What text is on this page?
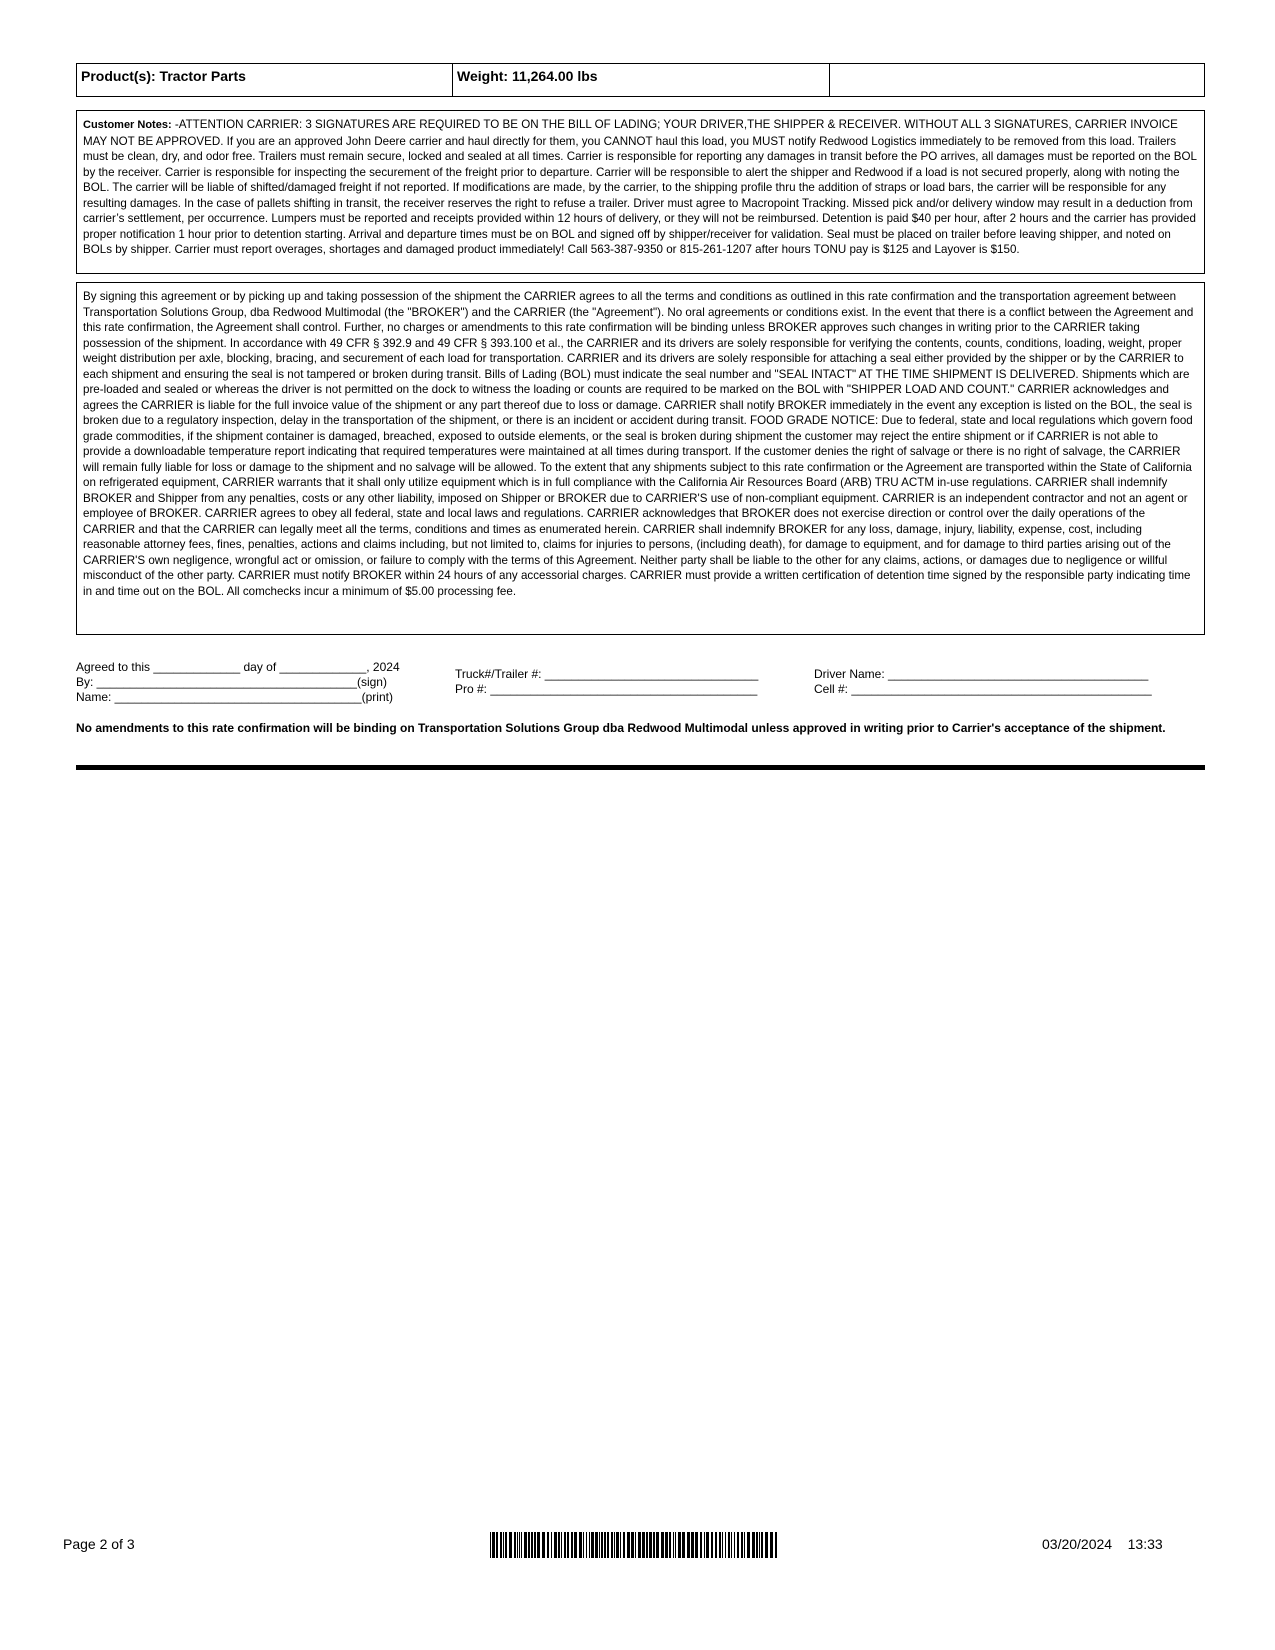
Product(s): Tractor Parts	Weight: 11,264.00 lbs
Customer Notes: -ATTENTION CARRIER: 3 SIGNATURES ARE REQUIRED TO BE ON THE BILL OF LADING; YOUR DRIVER,THE SHIPPER & RECEIVER. WITHOUT ALL 3 SIGNATURES, CARRIER INVOICE MAY NOT BE APPROVED. If you are an approved John Deere carrier and haul directly for them, you CANNOT haul this load, you MUST notify Redwood Logistics immediately to be removed from this load. Trailers must be clean, dry, and odor free. Trailers must remain secure, locked and sealed at all times. Carrier is responsible for reporting any damages in transit before the PO arrives, all damages must be reported on the BOL by the receiver. Carrier is responsible for inspecting the securement of the freight prior to departure. Carrier will be responsible to alert the shipper and Redwood if a load is not secured properly, along with noting the BOL. The carrier will be liable of shifted/damaged freight if not reported. If modifications are made, by the carrier, to the shipping profile thru the addition of straps or load bars, the carrier will be responsible for any resulting damages. In the case of pallets shifting in transit, the receiver reserves the right to refuse a trailer. Driver must agree to Macropoint Tracking. Missed pick and/or delivery window may result in a deduction from carrier’s settlement, per occurrence. Lumpers must be reported and receipts provided within 12 hours of delivery, or they will not be reimbursed. Detention is paid $40 per hour, after 2 hours and the carrier has provided proper notification 1 hour prior to detention starting. Arrival and departure times must be on BOL and signed off by shipper/receiver for validation. Seal must be placed on trailer before leaving shipper, and noted on BOLs by shipper. Carrier must report overages, shortages and damaged product immediately! Call 563-387-9350 or 815-261-1207 after hours TONU pay is $125 and Layover is $150.
By signing this agreement or by picking up and taking possession of the shipment the CARRIER agrees to all the terms and conditions as outlined in this rate confirmation and the transportation agreement between Transportation Solutions Group, dba Redwood Multimodal (the "BROKER") and the CARRIER (the "Agreement"). No oral agreements or conditions exist. In the event that there is a conflict between the Agreement and this rate confirmation, the Agreement shall control. Further, no charges or amendments to this rate confirmation will be binding unless BROKER approves such changes in writing prior to the CARRIER taking possession of the shipment. In accordance with 49 CFR § 392.9 and 49 CFR § 393.100 et al., the CARRIER and its drivers are solely responsible for verifying the contents, counts, conditions, loading, weight, proper weight distribution per axle, blocking, bracing, and securement of each load for transportation. CARRIER and its drivers are solely responsible for attaching a seal either provided by the shipper or by the CARRIER to each shipment and ensuring the seal is not tampered or broken during transit. Bills of Lading (BOL) must indicate the seal number and "SEAL INTACT" AT THE TIME SHIPMENT IS DELIVERED. Shipments which are pre-loaded and sealed or whereas the driver is not permitted on the dock to witness the loading or counts are required to be marked on the BOL with "SHIPPER LOAD AND COUNT." CARRIER acknowledges and agrees the CARRIER is liable for the full invoice value of the shipment or any part thereof due to loss or damage. CARRIER shall notify BROKER immediately in the event any exception is listed on the BOL, the seal is broken due to a regulatory inspection, delay in the transportation of the shipment, or there is an incident or accident during transit. FOOD GRADE NOTICE: Due to federal, state and local regulations which govern food grade commodities, if the shipment container is damaged, breached, exposed to outside elements, or the seal is broken during shipment the customer may reject the entire shipment or if CARRIER is not able to provide a downloadable temperature report indicating that required temperatures were maintained at all times during transport. If the customer denies the right of salvage or there is no right of salvage, the CARRIER will remain fully liable for loss or damage to the shipment and no salvage will be allowed. To the extent that any shipments subject to this rate confirmation or the Agreement are transported within the State of California on refrigerated equipment, CARRIER warrants that it shall only utilize equipment which is in full compliance with the California Air Resources Board (ARB) TRU ACTM in-use regulations. CARRIER shall indemnify BROKER and Shipper from any penalties, costs or any other liability, imposed on Shipper or BROKER due to CARRIER'S use of non-compliant equipment. CARRIER is an independent contractor and not an agent or employee of BROKER. CARRIER agrees to obey all federal, state and local laws and regulations. CARRIER acknowledges that BROKER does not exercise direction or control over the daily operations of the CARRIER and that the CARRIER can legally meet all the terms, conditions and times as enumerated herein. CARRIER shall indemnify BROKER for any loss, damage, injury, liability, expense, cost, including reasonable attorney fees, fines, penalties, actions and claims including, but not limited to, claims for injuries to persons, (including death), for damage to equipment, and for damage to third parties arising out of the CARRIER'S own negligence, wrongful act or omission, or failure to comply with the terms of this Agreement. Neither party shall be liable to the other for any claims, actions, or damages due to negligence or willful misconduct of the other party. CARRIER must notify BROKER within 24 hours of any accessorial charges. CARRIER must provide a written certification of detention time signed by the responsible party indicating time in and time out on the BOL. All comchecks incur a minimum of $5.00 processing fee.
Agreed to this _____________ day of _____________, 2024
By: _______________________________________(sign)
Name: _____________________________________(print)
Truck#/Trailer #: ________________________________
Pro #: ________________________________________
Driver Name: _______________________________________
Cell #: _____________________________________________
No amendments to this rate confirmation will be binding on Transportation Solutions Group dba Redwood Multimodal unless approved in writing prior to Carrier's acceptance of the shipment.
Page 2 of 3	03/20/2024    13:33
